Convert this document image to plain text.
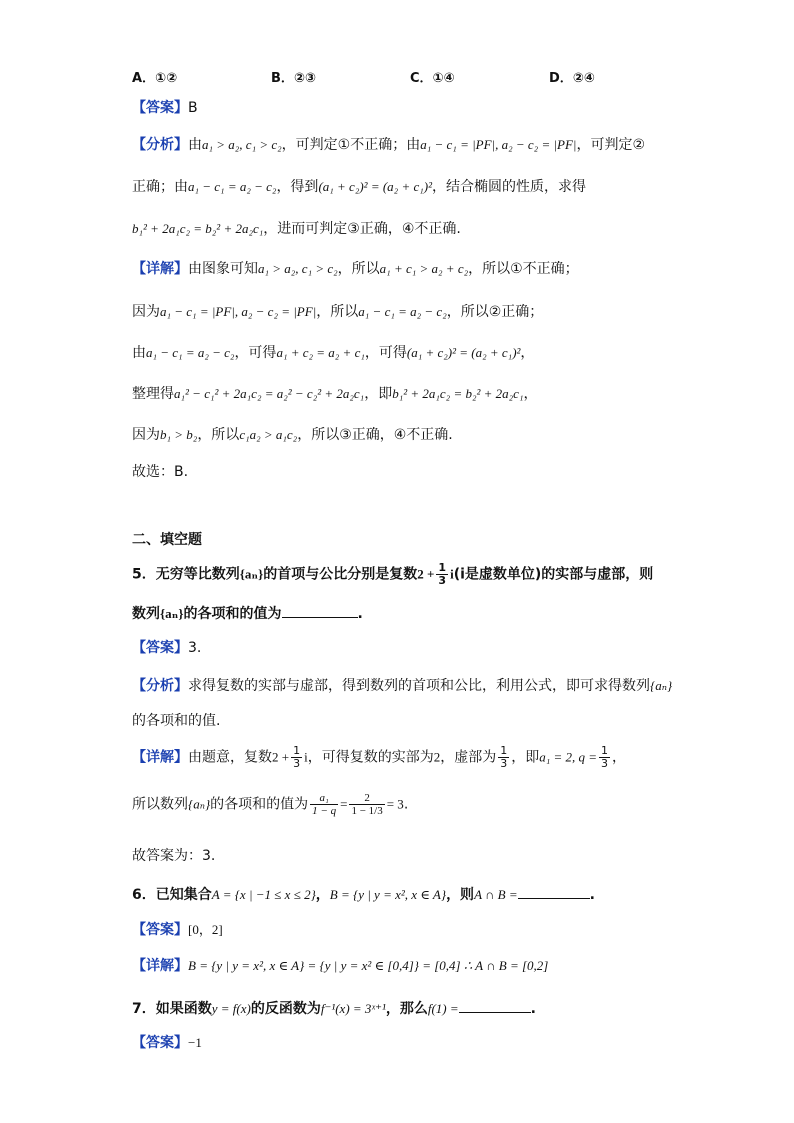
A．①②	B．②③	C．①④	D．②④
【答案】B
【分析】由a₁ > a₂, c₁ > c₂，可判定①不正确；由a₁ − c₁ = |PF|, a₂ − c₂ = |PF|，可判定②
正确；由a₁ − c₁ = a₂ − c₂，得到(a₁ + c₂)² = (a₂ + c₁)²，结合椭圆的性质，求得
b₁² + 2a₁c₂ = b₂² + 2a₂c₁，进而可判定③正确，④不正确.
【详解】由图象可知a₁ > a₂, c₁ > c₂，所以a₁ + c₁ > a₂ + c₂，所以①不正确；
因为a₁ − c₁ = |PF|, a₂ − c₂ = |PF|，所以a₁ − c₁ = a₂ − c₂，所以②正确；
由a₁ − c₁ = a₂ − c₂，可得a₁ + c₂ = a₂ + c₁，可得(a₁ + c₂)² = (a₂ + c₁)²，
整理得a₁² − c₁² + 2a₁c₂ = a₂² − c₂² + 2a₂c₁，即b₁² + 2a₁c₂ = b₂² + 2a₂c₁，
因为b₁ > b₂，所以c₁a₂ > a₁c₂，所以③正确，④不正确.
故选：B.
二、填空题
5．无穷等比数列{aₙ}的首项与公比分别是复数$2 + \frac{1}{3} i(i$是虚数单位)的实部与虚部，则
数列{aₙ}的各项和的值为	.
【答案】3.
【分析】求得复数的实部与虚部，得到数列的首项和公比，利用公式，即可求得数列{aₙ}
的各项和的值.
【详解】由题意，复数$2 + \frac{1}{3}$ i，可得复数的实部为2，虚部为 $\frac{1}{3}$ ，即a₁ = 2, $q = \frac{1}{3}$ ，
所以数列{aₙ}的各项和的值为 $\frac{\text{a₁}}{1 - q} = \frac{2}{1 - 1/3} = 3$.
故答案为：3.
6．已知集合A = {x | −1 ≤ x ≤ 2}，B = {y | y = x², x ∈ A}，则A ∩ B =	.
【答案】[0，2]
【详解】B = {y | y = x², x ∈ A} = {y | y = x² ∈ [0,4]} = [0,4] ∴ A ∩ B = [0,2]
7．如果函数y = f(x)的反函数为f⁻¹(x) = 3ˣ⁺¹，那么f(1) =	.
【答案】−1
